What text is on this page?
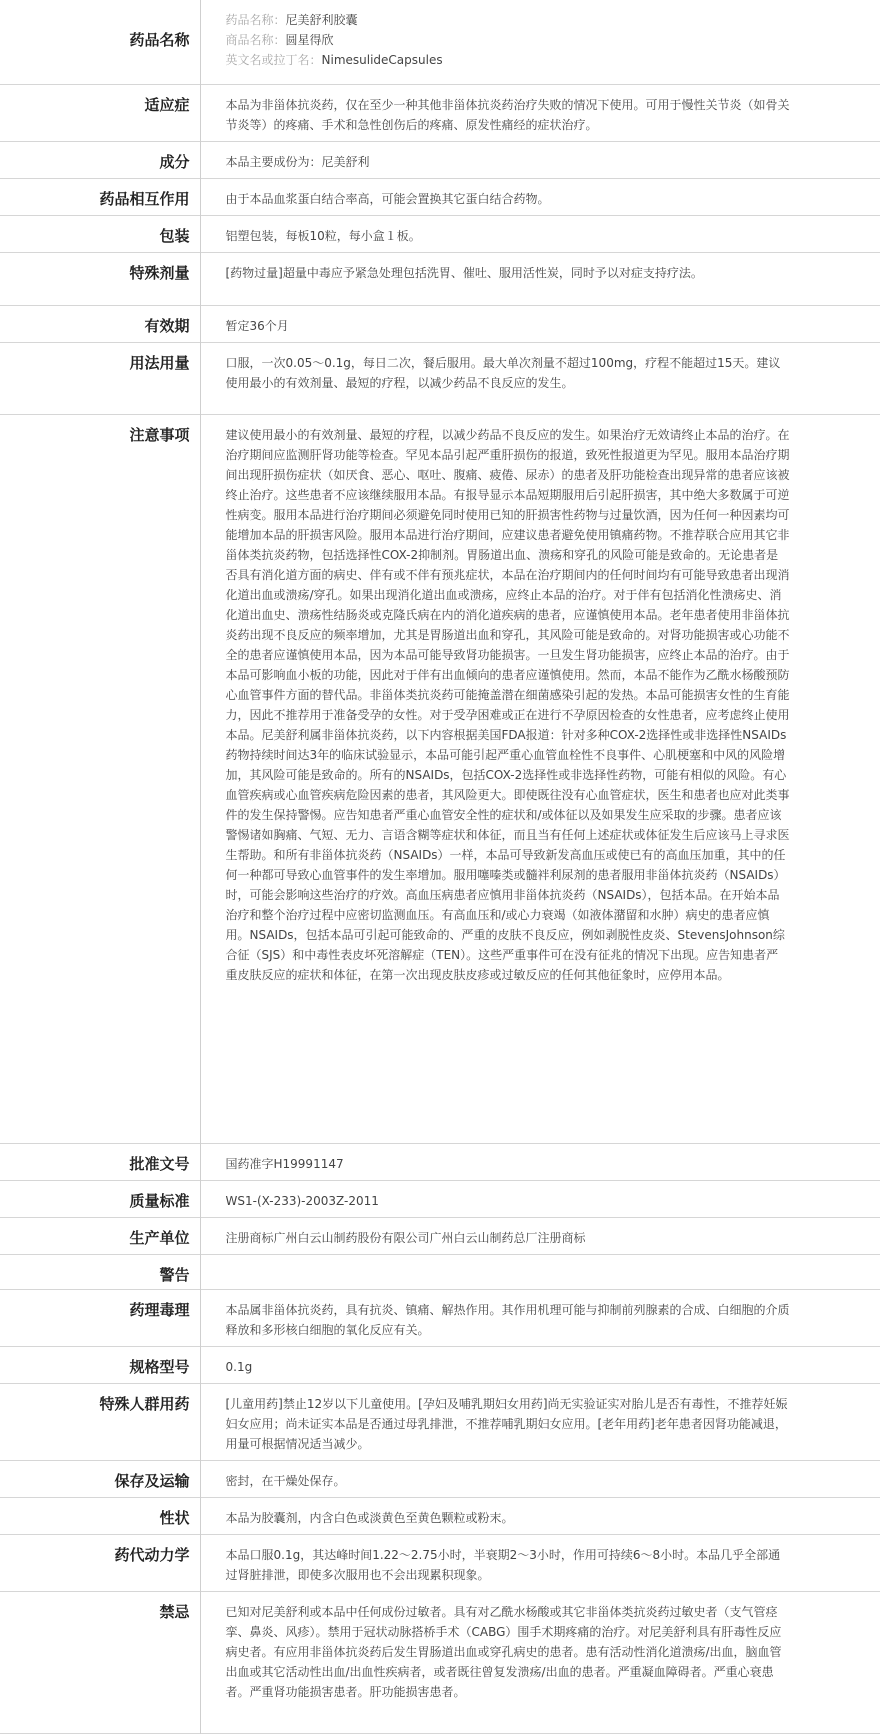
药品名称	药品名称：尼美舒利胶囊
商品名称：圆星得欣
英文名或拉丁名：NimesulideCapsules

适应症	本品为非甾体抗炎药，仅在至少一种其他非甾体抗炎药治疗失败的情况下使用。可用于慢性关节炎（如骨关节炎等）的疼痛、手术和急性创伤后的疼痛、原发性痛经的症状治疗。
成分	本品主要成份为：尼美舒利
药品相互作用	由于本品血浆蛋白结合率高，可能会置换其它蛋白结合药物。
包装	铝塑包装，每板10粒，每小盒１板。
特殊剂量	[药物过量]超量中毒应予紧急处理包括洗胃、催吐、服用活性炭，同时予以对症支持疗法。
有效期	暂定36个月
用法用量	口服，一次0.05～0.1g，每日二次，餐后服用。最大单次剂量不超过100mg，疗程不能超过15天。建议使用最小的有效剂量、最短的疗程，以减少药品不良反应的发生。
注意事项	建议使用最小的有效剂量、最短的疗程，以减少药品不良反应的发生。如果治疗无效请终止本品的治疗。在治疗期间应监测肝肾功能等检查。罕见本品引起严重肝损伤的报道，致死性报道更为罕见。服用本品治疗期间出现肝损伤症状（如厌食、恶心、呕吐、腹痛、疲倦、尿赤）的患者及肝功能检查出现异常的患者应该被终止治疗。这些患者不应该继续服用本品。有报导显示本品短期服用后引起肝损害，其中绝大多数属于可逆性病变。服用本品进行治疗期间必须避免同时使用已知的肝损害性药物与过量饮酒，因为任何一种因素均可能增加本品的肝损害风险。服用本品进行治疗期间，应建议患者避免使用镇痛药物。不推荐联合应用其它非甾体类抗炎药物，包括选择性COX-2抑制剂。胃肠道出血、溃疡和穿孔的风险可能是致命的。无论患者是否具有消化道方面的病史、伴有或不伴有预兆症状，本品在治疗期间内的任何时间均有可能导致患者出现消化道出血或溃疡/穿孔。如果出现消化道出血或溃疡，应终止本品的治疗。对于伴有包括消化性溃疡史、消化道出血史、溃疡性结肠炎或克隆氏病在内的消化道疾病的患者，应谨慎使用本品。老年患者使用非甾体抗炎药出现不良反应的频率增加，尤其是胃肠道出血和穿孔，其风险可能是致命的。对肾功能损害或心功能不全的患者应谨慎使用本品，因为本品可能导致肾功能损害。一旦发生肾功能损害，应终止本品的治疗。由于本品可影响血小板的功能，因此对于伴有出血倾向的患者应谨慎使用。然而，本品不能作为乙酰水杨酸预防心血管事件方面的替代品。非甾体类抗炎药可能掩盖潜在细菌感染引起的发热。本品可能损害女性的生育能力，因此不推荐用于准备受孕的女性。对于受孕困难或正在进行不孕原因检查的女性患者，应考虑终止使用本品。尼美舒利属非甾体抗炎药，以下内容根据美国FDA报道：针对多种COX-2选择性或非选择性NSAIDs药物持续时间达3年的临床试验显示，本品可能引起严重心血管血栓性不良事件、心肌梗塞和中风的风险增加，其风险可能是致命的。所有的NSAIDs，包括COX-2选择性或非选择性药物，可能有相似的风险。有心血管疾病或心血管疾病危险因素的患者，其风险更大。即使既往没有心血管症状，医生和患者也应对此类事件的发生保持警惕。应告知患者严重心血管安全性的症状和/或体征以及如果发生应采取的步骤。患者应该警惕诸如胸痛、气短、无力、言语含糊等症状和体征，而且当有任何上述症状或体征发生后应该马上寻求医生帮助。和所有非甾体抗炎药（NSAIDs）一样，本品可导致新发高血压或使已有的高血压加重，其中的任何一种都可导致心血管事件的发生率增加。服用噻嗪类或髓袢利尿剂的患者服用非甾体抗炎药（NSAIDs）时，可能会影响这些治疗的疗效。高血压病患者应慎用非甾体抗炎药（NSAIDs），包括本品。在开始本品治疗和整个治疗过程中应密切监测血压。有高血压和/或心力衰竭（如液体潴留和水肿）病史的患者应慎用。NSAIDs，包括本品可引起可能致命的、严重的皮肤不良反应，例如剥脱性皮炎、StevensJohnson综合征（SJS）和中毒性表皮坏死溶解症（TEN）。这些严重事件可在没有征兆的情况下出现。应告知患者严重皮肤反应的症状和体征，在第一次出现皮肤皮疹或过敏反应的任何其他征象时，应停用本品。
批准文号	国药准字H19991147
质量标准	WS1-(X-233)-2003Z-2011
生产单位	注册商标广州白云山制药股份有限公司广州白云山制药总厂注册商标
警告	
药理毒理	本品属非甾体抗炎药，具有抗炎、镇痛、解热作用。其作用机理可能与抑制前列腺素的合成、白细胞的介质释放和多形核白细胞的氧化反应有关。
规格型号	0.1g
特殊人群用药	[儿童用药]禁止12岁以下儿童使用。[孕妇及哺乳期妇女用药]尚无实验证实对胎儿是否有毒性，不推荐妊娠妇女应用；尚未证实本品是否通过母乳排泄，不推荐哺乳期妇女应用。[老年用药]老年患者因肾功能减退，用量可根据情况适当减少。
保存及运输	密封，在干燥处保存。
性状	本品为胶囊剂，内含白色或淡黄色至黄色颗粒或粉末。
药代动力学	本品口服0.1g，其达峰时间1.22～2.75小时，半衰期2～3小时，作用可持续6～8小时。本品几乎全部通过肾脏排泄，即使多次服用也不会出现累积现象。
禁忌	已知对尼美舒利或本品中任何成份过敏者。具有对乙酰水杨酸或其它非甾体类抗炎药过敏史者（支气管痉挛、鼻炎、风疹）。禁用于冠状动脉搭桥手术（CABG）围手术期疼痛的治疗。对尼美舒利具有肝毒性反应病史者。有应用非甾体抗炎药后发生胃肠道出血或穿孔病史的患者。患有活动性消化道溃疡/出血，脑血管出血或其它活动性出血/出血性疾病者，或者既往曾复发溃疡/出血的患者。严重凝血障碍者。严重心衰患者。严重肾功能损害患者。肝功能损害患者。
